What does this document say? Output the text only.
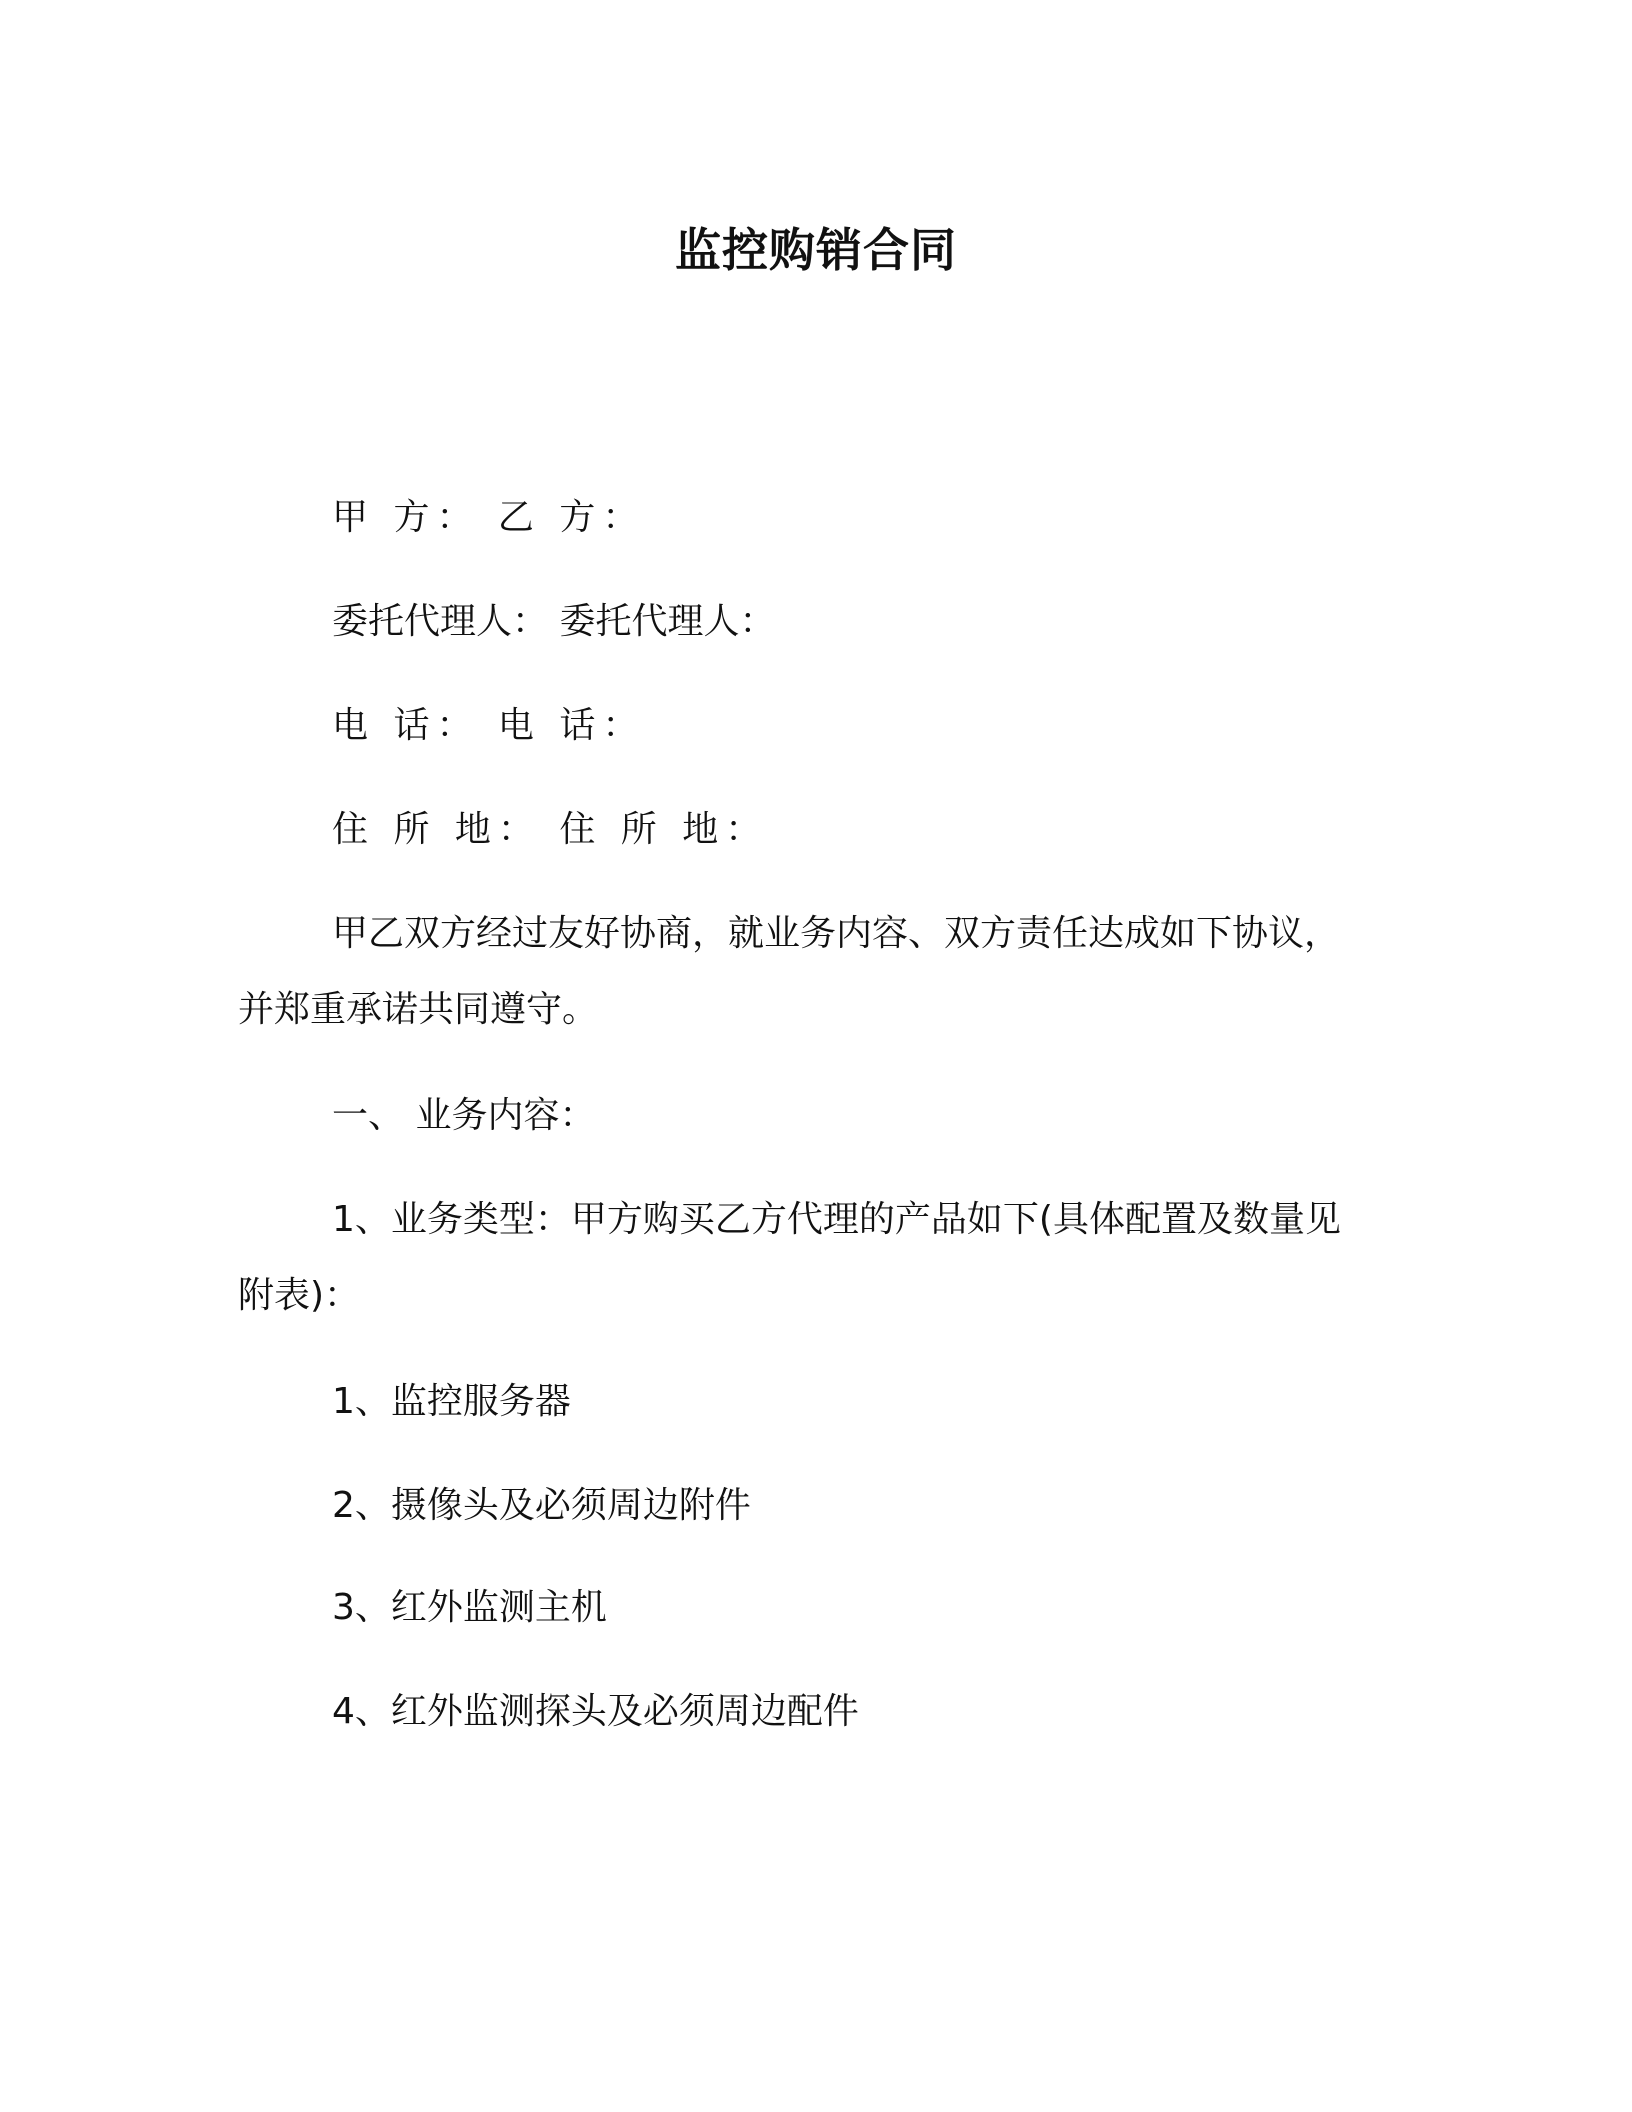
监控购销合同

甲 方： 乙 方：

委托代理人： 委托代理人：

电 话： 电 话：

住 所 地： 住 所 地：

甲乙双方经过友好协商，就业务内容、双方责任达成如下协议，

并郑重承诺共同遵守。

一、 业务内容：

1、业务类型：甲方购买乙方代理的产品如下(具体配置及数量见

附表)：

1、监控服务器

2、摄像头及必须周边附件

3、红外监测主机

4、红外监测探头及必须周边配件
